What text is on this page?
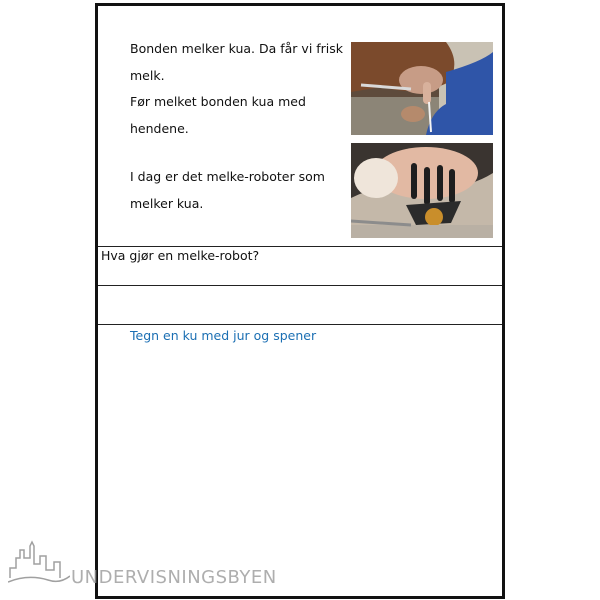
Bonden melker kua. Da får vi frisk
melk.
Før melket bonden kua med
hendene.

I dag er det melke-roboter som
melker kua.

Hva gjør en melke-robot?

Tegn en ku med jur og spener

UNDERVISNINGSBYEN
